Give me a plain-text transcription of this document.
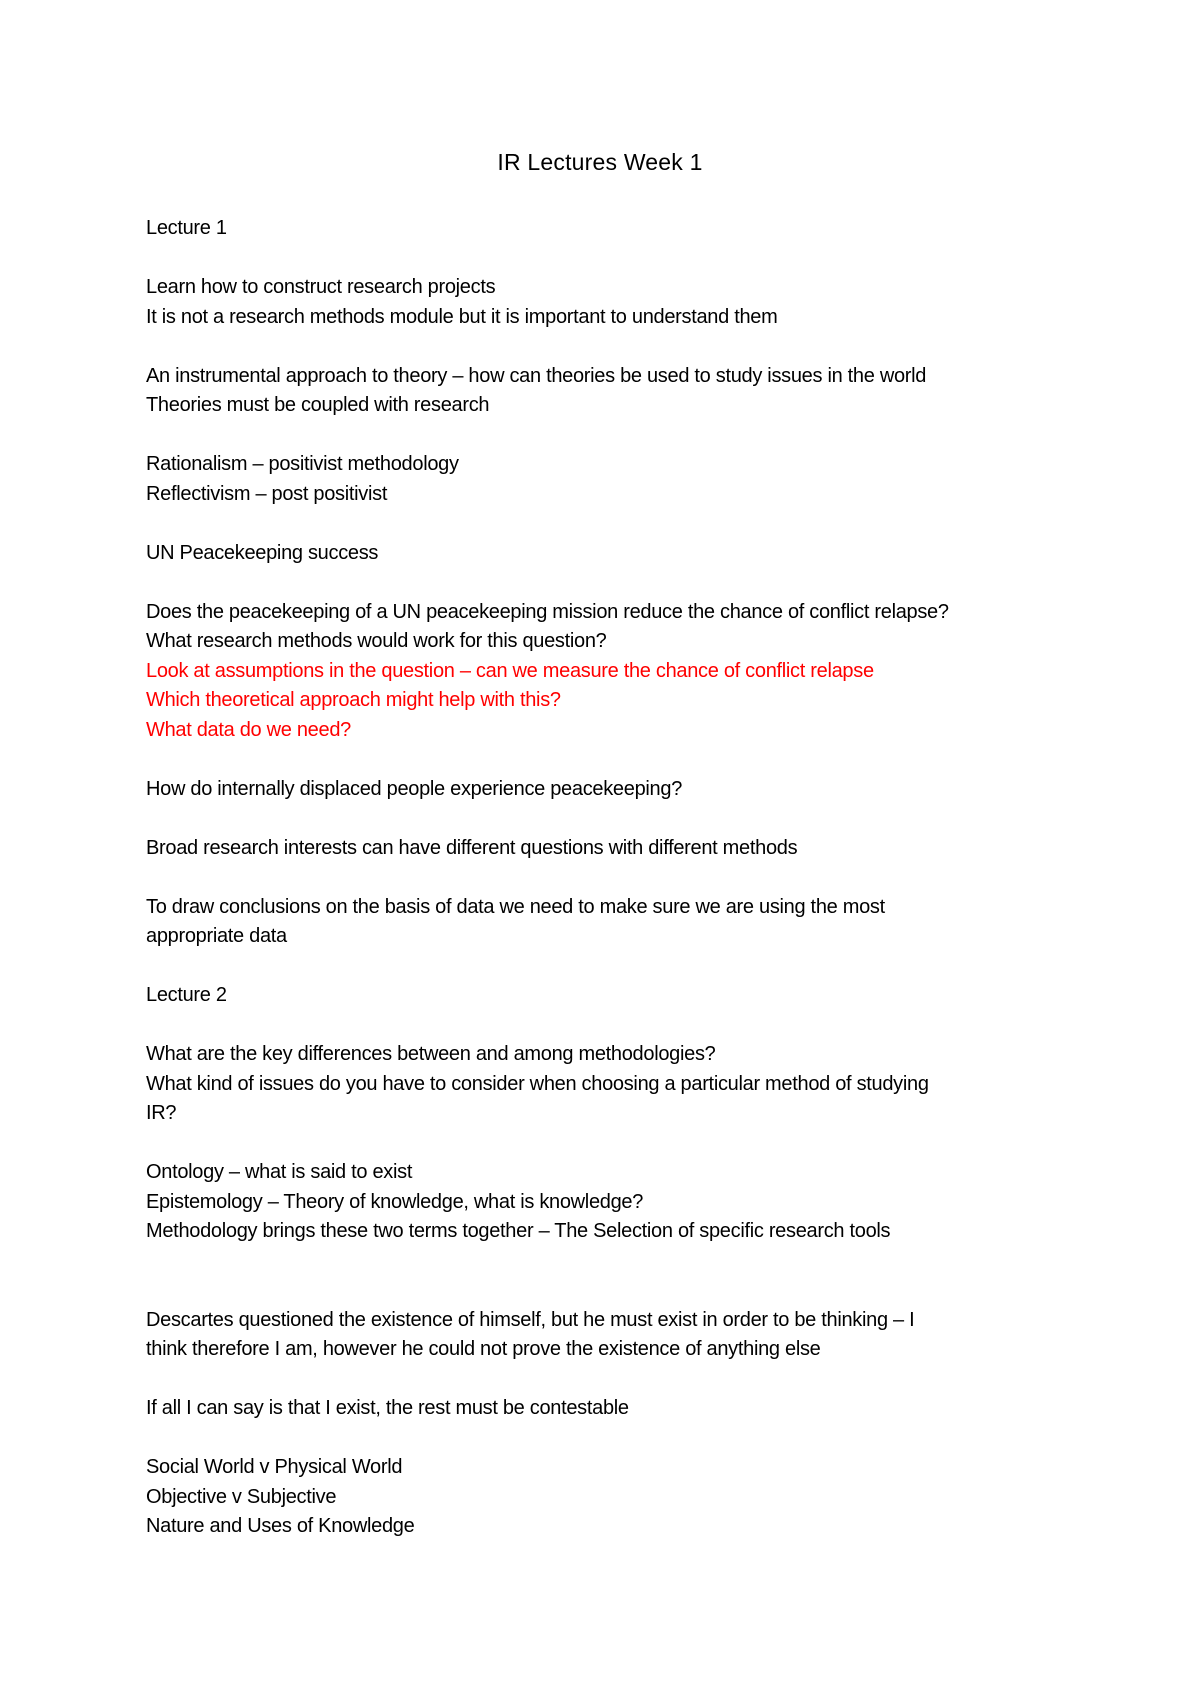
IR Lectures Week 1
Lecture 1
Learn how to construct research projects
It is not a research methods module but it is important to understand them
An instrumental approach to theory – how can theories be used to study issues in the world
Theories must be coupled with research
Rationalism – positivist methodology
Reflectivism – post positivist
UN Peacekeeping success
Does the peacekeeping of a UN peacekeeping mission reduce the chance of conflict relapse?
What research methods would work for this question?
Look at assumptions in the question – can we measure the chance of conflict relapse
Which theoretical approach might help with this?
What data do we need?
How do internally displaced people experience peacekeeping?
Broad research interests can have different questions with different methods
To draw conclusions on the basis of data we need to make sure we are using the most
appropriate data
Lecture 2
What are the key differences between and among methodologies?
What kind of issues do you have to consider when choosing a particular method of studying
IR?
Ontology – what is said to exist
Epistemology – Theory of knowledge, what is knowledge?
Methodology brings these two terms together – The Selection of specific research tools
Descartes questioned the existence of himself, but he must exist in order to be thinking – I
think therefore I am, however he could not prove the existence of anything else
If all I can say is that I exist, the rest must be contestable
Social World v Physical World
Objective v Subjective
Nature and Uses of Knowledge
